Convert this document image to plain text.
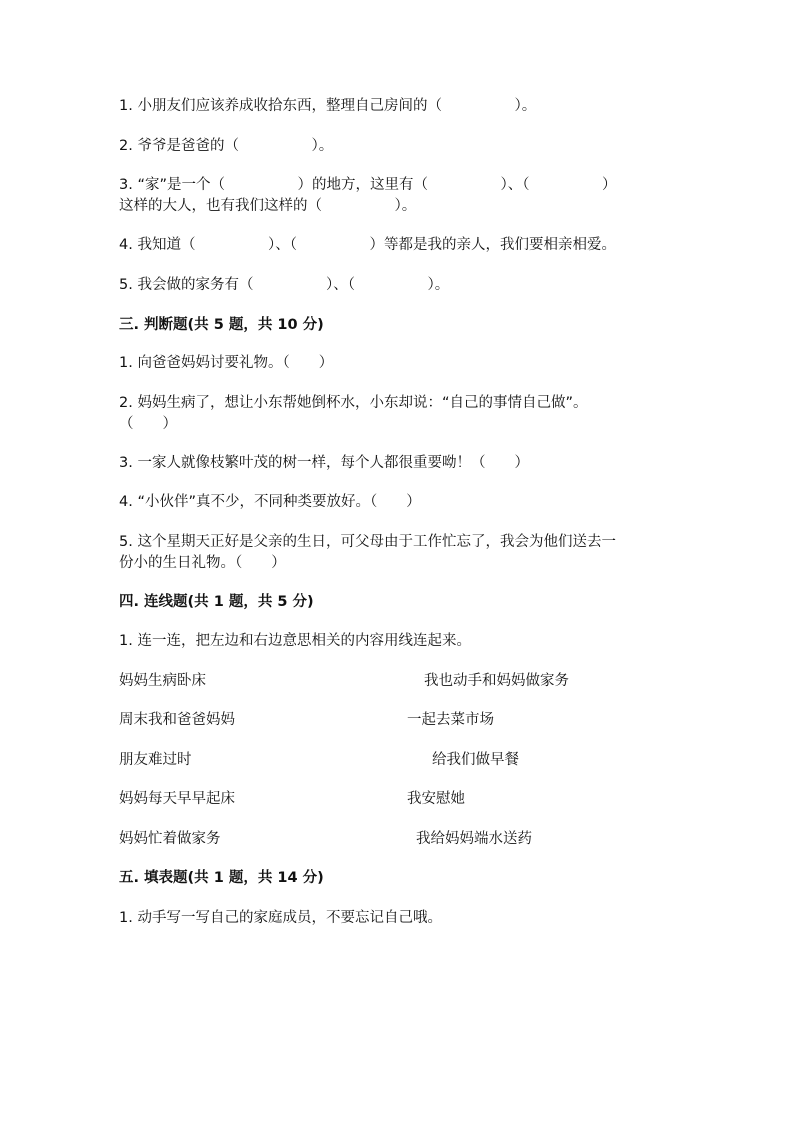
1. 小朋友们应该养成收拾东西，整理自己房间的（　　　　　）。

2. 爷爷是爸爸的（　　　　　）。

3. “家”是一个（　　　　　）的地方，这里有（　　　　　）、（　　　　　）

这样的大人，也有我们这样的（　　　　　）。

4. 我知道（　　　　　）、（　　　　　）等都是我的亲人，我们要相亲相爱。

5. 我会做的家务有（　　　　　）、（　　　　　）。

三. 判断题(共 5 题，共 10 分)

1. 向爸爸妈妈讨要礼物。（　　）

2. 妈妈生病了，想让小东帮她倒杯水，小东却说：“自己的事情自己做”。

（　　）

3. 一家人就像枝繁叶茂的树一样，每个人都很重要呦！（　　）

4. “小伙伴”真不少，不同种类要放好。（　　）

5. 这个星期天正好是父亲的生日，可父母由于工作忙忘了，我会为他们送去一

份小的生日礼物。（　　）

四. 连线题(共 1 题，共 5 分)

1. 连一连，把左边和右边意思相关的内容用线连起来。

妈妈生病卧床	我也动手和妈妈做家务

周末我和爸爸妈妈	一起去菜市场

朋友难过时	给我们做早餐

妈妈每天早早起床	我安慰她

妈妈忙着做家务	我给妈妈端水送药

五. 填表题(共 1 题，共 14 分)

1. 动手写一写自己的家庭成员，不要忘记自己哦。
